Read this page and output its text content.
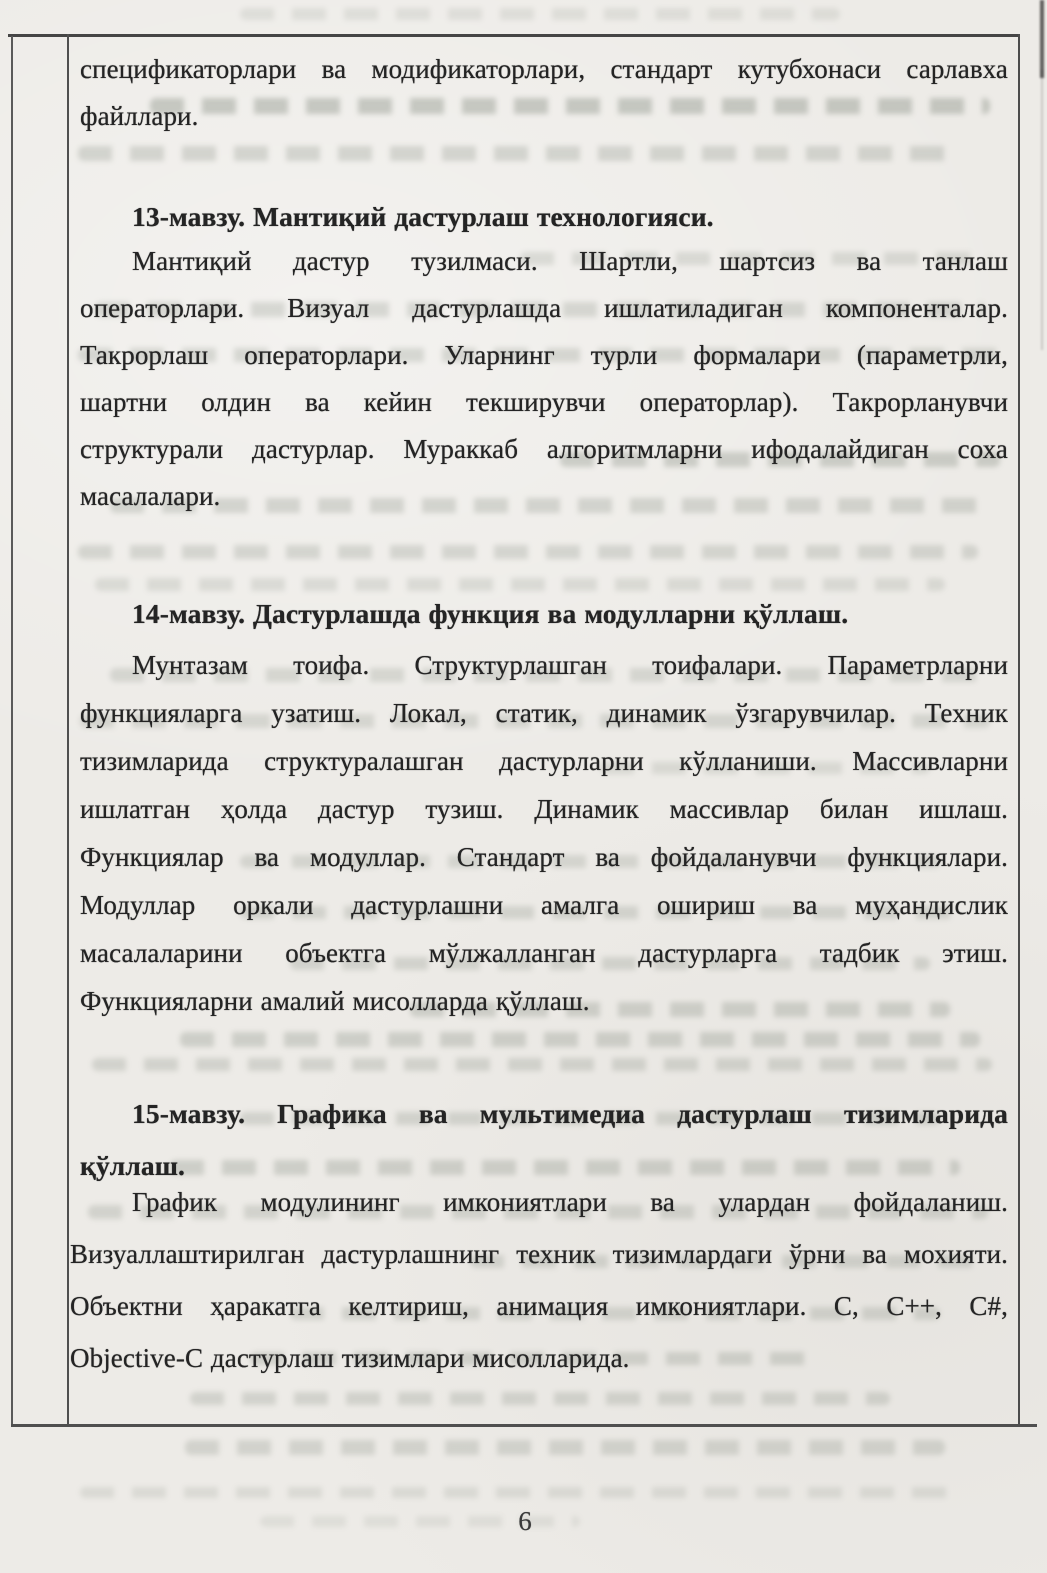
спецификаторлари ва модификаторлари, стандарт кутубхонаси сарлавха
файллари.
13-мавзу. Мантиқий дастурлаш технологияси.
Мантиқий дастур тузилмаси. Шартли, шартсиз ва танлаш
операторлари. Визуал дастурлашда ишлатиладиган компоненталар.
Такрорлаш операторлари. Уларнинг турли формалари (параметрли,
шартни олдин ва кейин текширувчи операторлар). Такрорланувчи
структурали дастурлар. Мураккаб алгоритмларни ифодалайдиган соха
масалалари.
14-мавзу. Дастурлашда функция ва модулларни қўллаш.
Мунтазам тоифа. Структурлашган тоифалари. Параметрларни
функцияларга узатиш. Локал, статик, динамик ўзгарувчилар. Техник
тизимларида структуралашган дастурларни кўлланиши. Массивларни
ишлатган ҳолда дастур тузиш. Динамик массивлар билан ишлаш.
Функциялар ва модуллар. Стандарт ва фойдаланувчи функциялари.
Модуллар оркали дастурлашни амалга ошириш ва муҳандислик
масалаларини объектга мўлжалланган дастурларга тадбик этиш.
Функцияларни амалий мисолларда қўллаш.
15-мавзу. Графика ва мультимедиа дастурлаш тизимларида
қўллаш.
График модулининг имкониятлари ва улардан фойдаланиш.
Визуаллаштирилган дастурлашнинг техник тизимлардаги ўрни ва мохияти.
Объектни ҳаракатга келтириш, анимация имкониятлари. C, C++, C#,
Objective-C дастурлаш тизимлари мисолларида.
6
